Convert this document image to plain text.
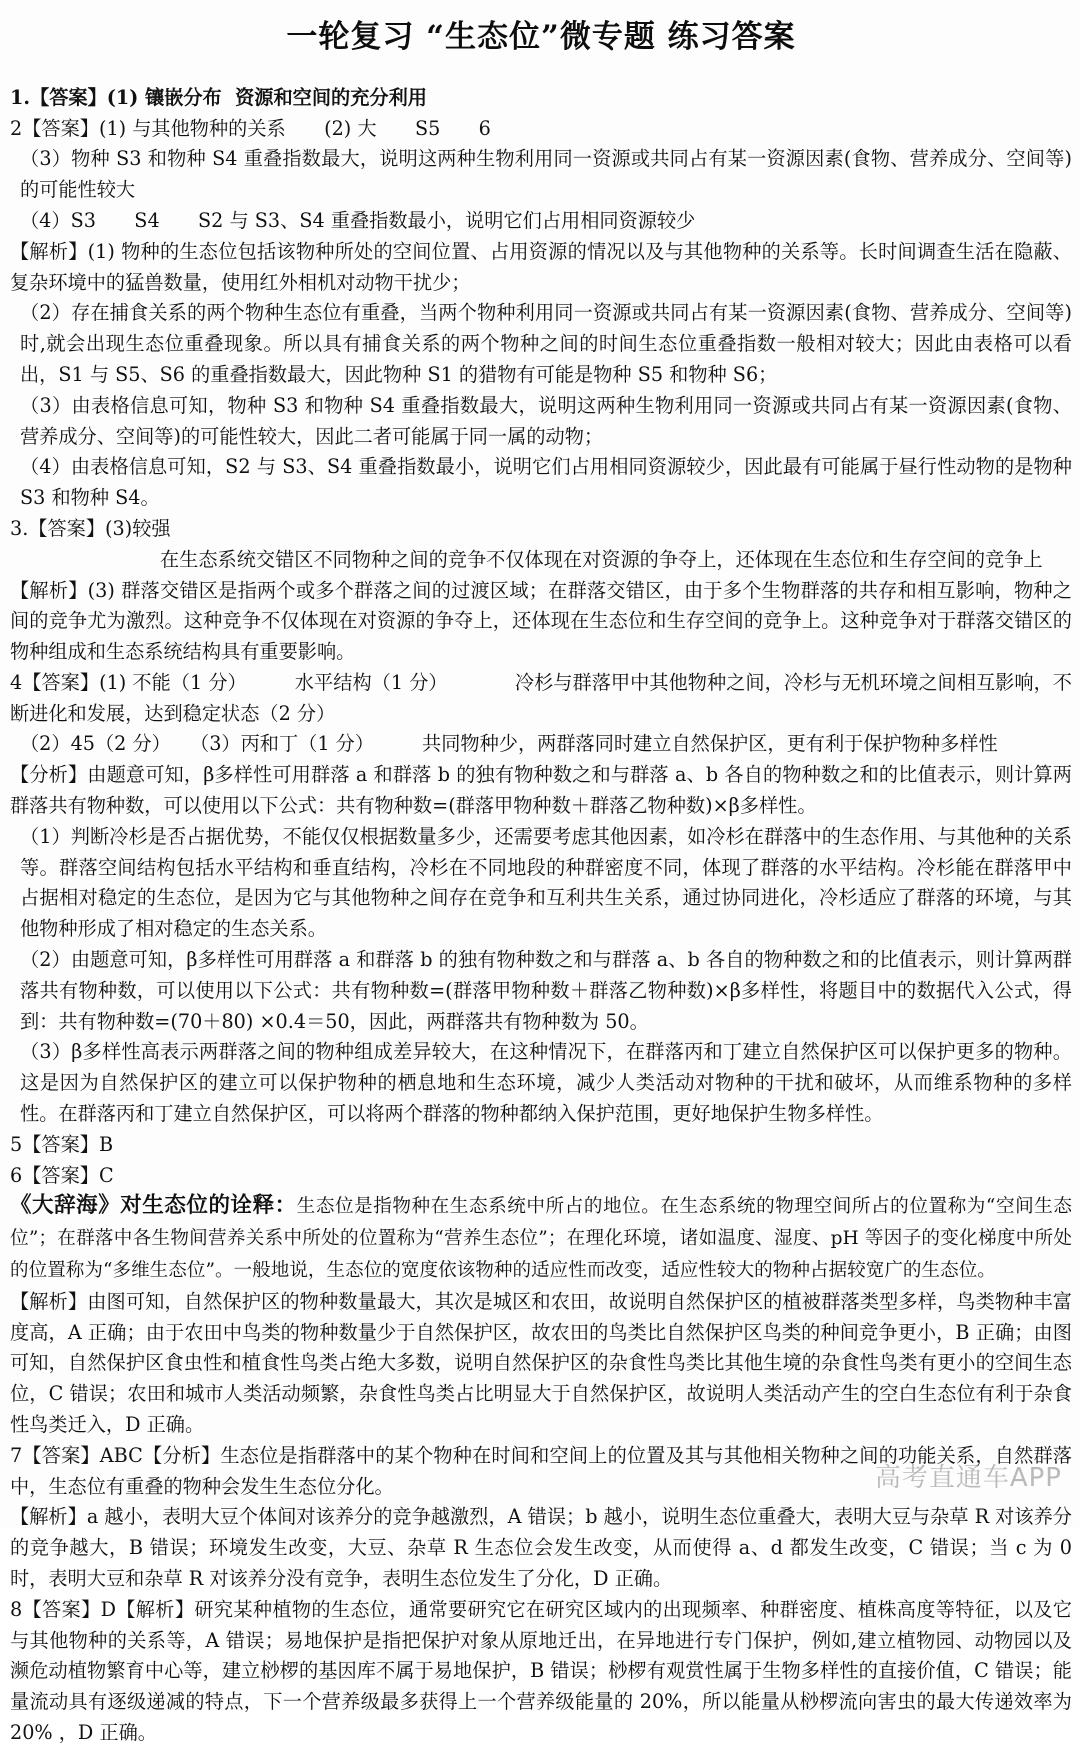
一轮复习 “生态位”微专题 练习答案

1.【答案】(1) 镶嵌分布  资源和空间的充分利用

2【答案】(1) 与其他物种的关系　　(2) 大　　S5　　6

（3）物种 S3 和物种 S4 重叠指数最大，说明这两种生物利用同一资源或共同占有某一资源因素(食物、营养成分、空间等)的可能性较大

（4）S3　　S4　　S2 与 S3、S4 重叠指数最小，说明它们占用相同资源较少

【解析】(1) 物种的生态位包括该物种所处的空间位置、占用资源的情况以及与其他物种的关系等。长时间调查生活在隐蔽、复杂环境中的猛兽数量，使用红外相机对动物干扰少；

（2）存在捕食关系的两个物种生态位有重叠，当两个物种利用同一资源或共同占有某一资源因素(食物、营养成分、空间等)时,就会出现生态位重叠现象。所以具有捕食关系的两个物种之间的时间生态位重叠指数一般相对较大；因此由表格可以看出，S1 与 S5、S6 的重叠指数最大，因此物种 S1 的猎物有可能是物种 S5 和物种 S6；

（3）由表格信息可知，物种 S3 和物种 S4 重叠指数最大，说明这两种生物利用同一资源或共同占有某一资源因素(食物、营养成分、空间等)的可能性较大，因此二者可能属于同一属的动物；

（4）由表格信息可知，S2 与 S3、S4 重叠指数最小，说明它们占用相同资源较少，因此最有可能属于昼行性动物的是物种 S3 和物种 S4。

3.【答案】(3)较强

在生态系统交错区不同物种之间的竞争不仅体现在对资源的争夺上，还体现在生态位和生存空间的竞争上

【解析】(3) 群落交错区是指两个或多个群落之间的过渡区域；在群落交错区，由于多个生物群落的共存和相互影响，物种之间的竞争尤为激烈。这种竞争不仅体现在对资源的争夺上，还体现在生态位和生存空间的竞争上。这种竞争对于群落交错区的物种组成和生态系统结构具有重要影响。

4【答案】(1) 不能（1 分）　　　水平结构（1 分）　　　　冷杉与群落甲中其他物种之间，冷杉与无机环境之间相互影响，不断进化和发展，达到稳定状态（2 分）

（2）45（2 分）　　（3）丙和丁（1 分）　　　共同物种少，两群落同时建立自然保护区，更有利于保护物种多样性

【分析】由题意可知，β多样性可用群落 a 和群落 b 的独有物种数之和与群落 a、b 各自的物种数之和的比值表示，则计算两群落共有物种数，可以使用以下公式：共有物种数=(群落甲物种数＋群落乙物种数)×β多样性。

（1）判断冷杉是否占据优势，不能仅仅根据数量多少，还需要考虑其他因素，如冷杉在群落中的生态作用、与其他种的关系等。群落空间结构包括水平结构和垂直结构，冷杉在不同地段的种群密度不同，体现了群落的水平结构。冷杉能在群落甲中占据相对稳定的生态位，是因为它与其他物种之间存在竞争和互利共生关系，通过协同进化，冷杉适应了群落的环境，与其他物种形成了相对稳定的生态关系。

（2）由题意可知，β多样性可用群落 a 和群落 b 的独有物种数之和与群落 a、b 各自的物种数之和的比值表示，则计算两群落共有物种数，可以使用以下公式：共有物种数=(群落甲物种数＋群落乙物种数)×β多样性，将题目中的数据代入公式，得到：共有物种数=(70＋80) ×0.4＝50，因此，两群落共有物种数为 50。

（3）β多样性高表示两群落之间的物种组成差异较大，在这种情况下，在群落丙和丁建立自然保护区可以保护更多的物种。这是因为自然保护区的建立可以保护物种的栖息地和生态环境，减少人类活动对物种的干扰和破坏，从而维系物种的多样性。在群落丙和丁建立自然保护区，可以将两个群落的物种都纳入保护范围，更好地保护生物多样性。

5【答案】B

6【答案】C

《大辞海》对生态位的诠释：生态位是指物种在生态系统中所占的地位。在生态系统的物理空间所占的位置称为“空间生态位”；在群落中各生物间营养关系中所处的位置称为“营养生态位”；在理化环境，诸如温度、湿度、pH 等因子的变化梯度中所处的位置称为“多维生态位”。一般地说，生态位的宽度依该物种的适应性而改变，适应性较大的物种占据较宽广的生态位。

【解析】由图可知，自然保护区的物种数量最大，其次是城区和农田，故说明自然保护区的植被群落类型多样，鸟类物种丰富度高，A 正确；由于农田中鸟类的物种数量少于自然保护区，故农田的鸟类比自然保护区鸟类的种间竞争更小，B 正确；由图可知，自然保护区食虫性和植食性鸟类占绝大多数，说明自然保护区的杂食性鸟类比其他生境的杂食性鸟类有更小的空间生态位，C 错误；农田和城市人类活动频繁，杂食性鸟类占比明显大于自然保护区，故说明人类活动产生的空白生态位有利于杂食性鸟类迁入，D 正确。

7【答案】ABC【分析】生态位是指群落中的某个物种在时间和空间上的位置及其与其他相关物种之间的功能关系，自然群落中，生态位有重叠的物种会发生生态位分化。

【解析】a 越小，表明大豆个体间对该养分的竞争越激烈，A 错误；b 越小，说明生态位重叠大，表明大豆与杂草 R 对该养分的竞争越大，B 错误；环境发生改变，大豆、杂草 R 生态位会发生改变，从而使得 a、d 都发生改变，C 错误；当 c 为 0 时，表明大豆和杂草 R 对该养分没有竞争，表明生态位发生了分化，D 正确。

8【答案】D【解析】研究某种植物的生态位，通常要研究它在研究区域内的出现频率、种群密度、植株高度等特征，以及它与其他物种的关系等，A 错误；易地保护是指把保护对象从原地迁出，在异地进行专门保护，例如,建立植物园、动物园以及濒危动植物繁育中心等，建立桫椤的基因库不属于易地保护，B 错误；桫椤有观赏性属于生物多样性的直接价值，C 错误；能量流动具有逐级递减的特点，下一个营养级最多获得上一个营养级能量的 20%，所以能量从桫椤流向害虫的最大传递效率为 20% ，D 正确。

高考直通车APP
